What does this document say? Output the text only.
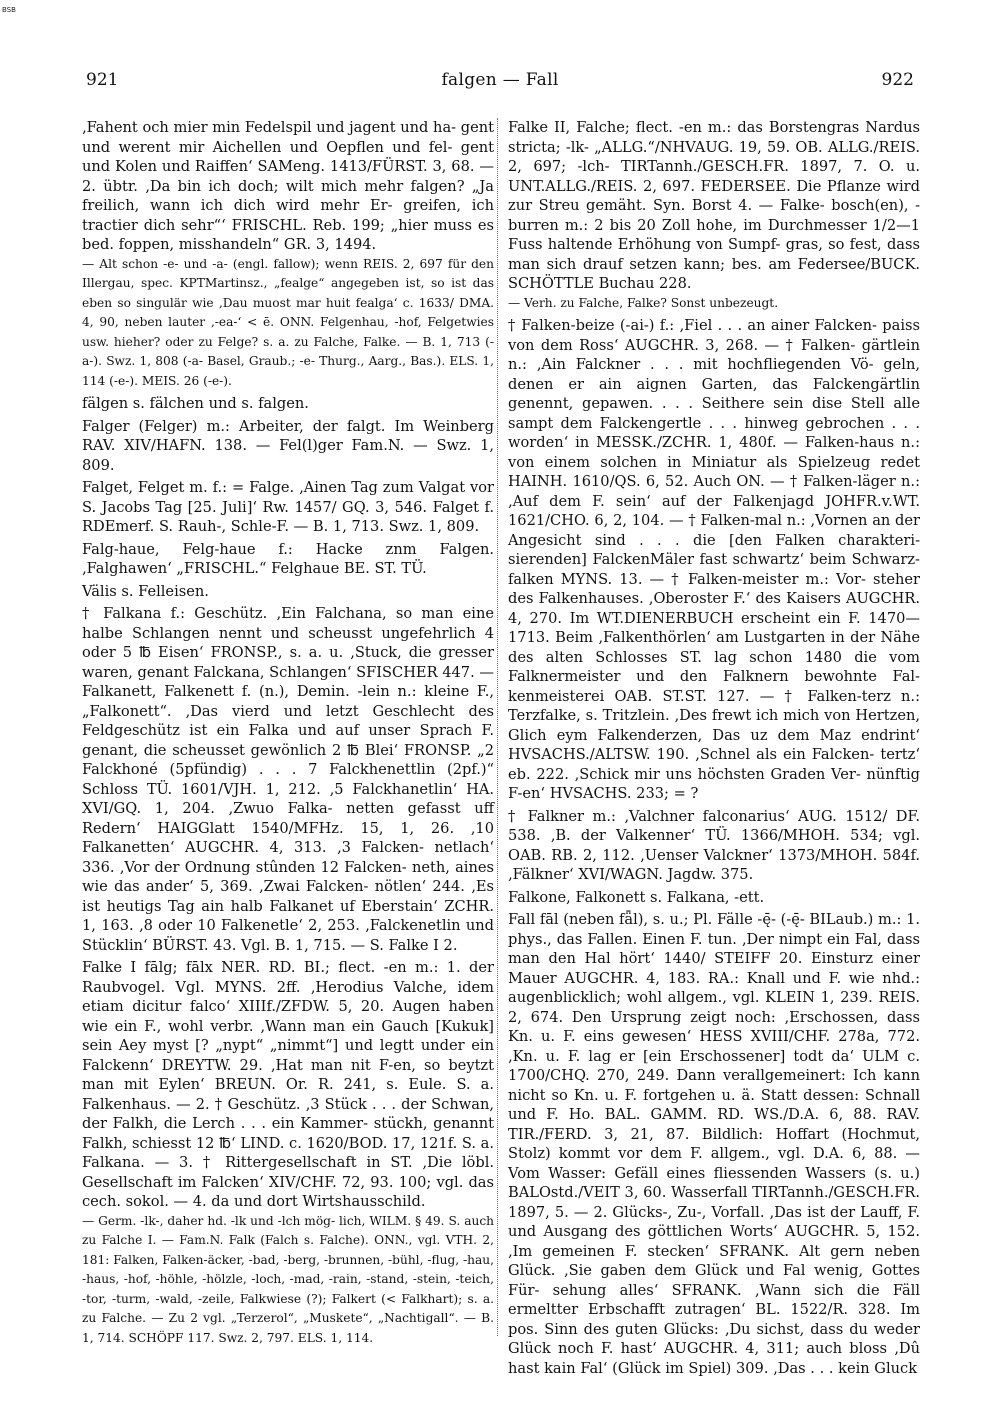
BSB
921	falgen — Fall	922

‚Fahent och mier min Fedelspil und jagent und ha- gent und werent mir Aichellen und Oepflen und fel- gent und Kolen und Raiffen‘ SAMeng. 1413/FÜRST. 3, 68. — 2. übtr. ‚Da bin ich doch; wilt mich mehr falgen? „Ja freilich, wann ich dich wird mehr Er- greifen, ich tractier dich sehr“‘ FRISCHL. Reb. 199; „hier muss es bed. foppen, misshandeln“ GR. 3, 1494.

— Alt schon -e- und -a- (engl. fallow); wenn REIS. 2, 697 für den Illergau, spec. KPTMartinsz., „fealge“ angegeben ist, so ist das eben so singulär wie ‚Dau muost mar huit fealga‘ c. 1633/ DMA. 4, 90, neben lauter ‚-ea-‘ < ē. ONN. Felgenhau, -hof, Felgetwies usw. hieher? oder zu Felge? s. a. zu Falche, Falke. — B. 1, 713 (-a-). Swz. 1, 808 (-a- Basel, Graub.; -e- Thurg., Aarg., Bas.). ELS. 1, 114 (-e-). MEIS. 26 (-e-).

fälgen s. fälchen und s. falgen.

Falger (Felger) m.: Arbeiter, der falgt. Im Weinberg RAV. XIV/HAFN. 138. — Fel(l)ger Fam.N. — Swz. 1, 809.

Falget, Felget m. f.: = Falge. ‚Ainen Tag zum Valgat vor S. Jacobs Tag [25. Juli]‘ Rw. 1457/ GQ. 3, 546. Falget f. RDEmerf. S. Rauh-, Schle-F. — B. 1, 713. Swz. 1, 809.

Falg-haue, Felg-haue f.: Hacke znm Falgen. ‚Falghawen‘ „FRISCHL.“ Felghaue BE. ST. TÜ.

Välis s. Felleisen.

† Falkana f.: Geschütz. ‚Ein Falchana, so man eine halbe Schlangen nennt und scheusst ungefehrlich 4 oder 5 ℔ Eisen‘ FRONSP., s. a. u. ‚Stuck, die gresser waren, genant Falckana, Schlangen‘ SFISCHER 447. — Falkanett, Falkenett f. (n.), Demin. -lein n.: kleine F., „Falkonett“. ‚Das vierd und letzt Geschlecht des Feldgeschütz ist ein Falka und auf unser Sprach F. genant, die scheusset gewönlich 2 ℔ Blei‘ FRONSP. „2 Falckhoné (5pfündig) . . . 7 Falckhenettlin (2pf.)“ Schloss TÜ. 1601/VJH. 1, 212. ‚5 Falckhanetlin‘ HA. XVI/GQ. 1, 204. ‚Zwuo Falka- netten gefasst uff Redern‘ HAIGGlatt 1540/MFHz. 15, 1, 26. ‚10 Falkanetten‘ AUGCHR. 4, 313. ‚3 Falcken- netlach‘ 336. ‚Vor der Ordnung stûnden 12 Falcken- neth, aines wie das ander‘ 5, 369. ‚Zwai Falcken- nötlen‘ 244. ‚Es ist heutigs Tag ain halb Falkanet uf Eberstain‘ ZCHR. 1, 163. ‚8 oder 10 Falkenetle‘ 2, 253. ‚Falckenetlin und Stücklin‘ BÜRST. 43. Vgl. B. 1, 715. — S. Falke I 2.

Falke I fālg; fālx NER. RD. BI.; flect. -en m.: 1. der Raubvogel. Vgl. MYNS. 2ff. ‚Herodius Valche, idem etiam dicitur falco‘ XIIIf./ZFDW. 5, 20. Augen haben wie ein F., wohl verbr. ‚Wann man ein Gauch [Kukuk] sein Aey myst [? „nypt“ „nimmt“] und legtt under ein Falckenn‘ DREYTW. 29. ‚Hat man nit F-en, so beytzt man mit Eylen‘ BREUN. Or. R. 241, s. Eule. S. a. Falkenhaus. — 2. † Geschütz. ‚3 Stück . . . der Schwan, der Falkh, die Lerch . . . ein Kammer- stückh, genannt Falkh, schiesst 12 ℔‘ LIND. c. 1620/BOD. 17, 121f. S. a. Falkana. — 3. † Rittergesellschaft in ST. ‚Die löbl. Gesellschaft im Falcken‘ XIV/CHF. 72, 93. 100; vgl. das cech. sokol. — 4. da und dort Wirtshausschild.

— Germ. -lk-, daher hd. -lk und -lch mög- lich, WILM. § 49. S. auch zu Falche I. — Fam.N. Falk (Falch s. Falche). ONN., vgl. VTH. 2, 181: Falken, Falken-äcker, -bad, -berg, -brunnen, -bühl, -flug, -hau, -haus, -hof, -höhle, -hölzle, -loch, -mad, -rain, -stand, -stein, -teich, -tor, -turm, -wald, -zeile, Falkwiese (?); Falkert (< Falkhart); s. a. zu Falche. — Zu 2 vgl. „Terzerol“, „Muskete“, „Nachtigall“. — B. 1, 714. SCHÖPF 117. Swz. 2, 797. ELS. 1, 114.

Falke II, Falche; flect. -en m.: das Borstengras Nardus stricta; -lk- „ALLG.“/NHVAUG. 19, 59. OB. ALLG./REIS. 2, 697; -lch- TIRTannh./GESCH.FR. 1897, 7. O. u. UNT.ALLG./REIS. 2, 697. FEDERSEE. Die Pflanze wird zur Streu gemäht. Syn. Borst 4. — Falke- bosch(en), -burren m.: 2 bis 20 Zoll hohe, im Durchmesser 1/2—1 Fuss haltende Erhöhung von Sumpf- gras, so fest, dass man sich drauf setzen kann; bes. am Federsee/BUCK. SCHÖTTLE Buchau 228.

— Verh. zu Falche, Falke? Sonst unbezeugt.

† Falken-beize (-ai-) f.: ‚Fiel . . . an ainer Falcken- paiss von dem Ross‘ AUGCHR. 3, 268. — † Falken- gärtlein n.: ‚Ain Falckner . . . mit hochfliegenden Vö- geln, denen er ain aignen Garten, das Falckengärtlin genennt, gepawen. . . . Seithere sein dise Stell alle sampt dem Falckengertle . . . hinweg gebrochen . . . worden‘ in MESSK./ZCHR. 1, 480f. — Falken-haus n.: von einem solchen in Miniatur als Spielzeug redet HAINH. 1610/QS. 6, 52. Auch ON. — † Falken-läger n.: ‚Auf dem F. sein‘ auf der Falkenjagd JOHFR.v.WT. 1621/CHO. 6, 2, 104. — † Falken-mal n.: ‚Vornen an der Angesicht sind . . . die [den Falken charakteri- sierenden] FalckenMäler fast schwartz‘ beim Schwarz- falken MYNS. 13. — † Falken-meister m.: Vor- steher des Falkenhauses. ‚Oberoster F.‘ des Kaisers AUGCHR. 4, 270. Im WT.DIENERBUCH erscheint ein F. 1470—1713. Beim ‚Falkenthörlen‘ am Lustgarten in der Nähe des alten Schlosses ST. lag schon 1480 die vom Falknermeister und den Falknern bewohnte Fal- kenmeisterei OAB. ST.ST. 127. — † Falken-terz n.: Terzfalke, s. Tritzlein. ‚Des frewt ich mich von Hertzen, Glich eym Falkenderzen, Das uz dem Maz endrint‘ HVSACHS./ALTSW. 190. ‚Schnel als ein Falcken- tertz‘ eb. 222. ‚Schick mir uns höchsten Graden Ver- nünftig F-en‘ HVSACHS. 233; = ?

† Falkner m.: ‚Valchner falconarius‘ AUG. 1512/ DF. 538. ‚B. der Valkenner‘ TÜ. 1366/MHOH. 534; vgl. OAB. RB. 2, 112. ‚Uenser Valckner‘ 1373/MHOH. 584f. ‚Fälkner‘ XVI/WAGN. Jagdw. 375.

Falkone, Falkonett s. Falkana, -ett.

Fall fāl (neben fǟl), s. u.; Pl. Fälle -ę̄- (-ę̄- BILaub.) m.: 1. phys., das Fallen. Einen F. tun. ‚Der nimpt ein Fal, dass man den Hal hört‘ 1440/ STEIFF 20. Einsturz einer Mauer AUGCHR. 4, 183. RA.: Knall und F. wie nhd.: augenblicklich; wohl allgem., vgl. KLEIN 1, 239. REIS. 2, 674. Den Ursprung zeigt noch: ‚Erschossen, dass Kn. u. F. eins gewesen‘ HESS XVIII/CHF. 278a, 772. ‚Kn. u. F. lag er [ein Erschossener] todt da‘ ULM c. 1700/CHQ. 270, 249. Dann verallgemeinert: Ich kann nicht so Kn. u. F. fortgehen u. ä. Statt dessen: Schnall und F. Ho. BAL. GAMM. RD. WS./D.A. 6, 88. RAV. TIR./FERD. 3, 21, 87. Bildlich: Hoffart (Hochmut, Stolz) kommt vor dem F. allgem., vgl. D.A. 6, 88. — Vom Wasser: Gefäll eines fliessenden Wassers (s. u.) BALOstd./VEIT 3, 60. Wasserfall TIRTannh./GESCH.FR. 1897, 5. — 2. Glücks-, Zu-, Vorfall. ‚Das ist der Lauff, F. und Ausgang des göttlichen Worts‘ AUGCHR. 5, 152. ‚Im gemeinen F. stecken‘ SFRANK. Alt gern neben Glück. ‚Sie gaben dem Glück und Fal wenig, Gottes Für- sehung alles‘ SFRANK. ‚Wann sich die Fäll ermeltter Erbschafft zutragen‘ BL. 1522/R. 328. Im pos. Sinn des guten Glücks: ‚Du sichst, dass du weder Glück noch F. hast‘ AUGCHR. 4, 311; auch bloss ‚Dû hast kain Fal‘ (Glück im Spiel) 309. ‚Das . . . kein Gluck
